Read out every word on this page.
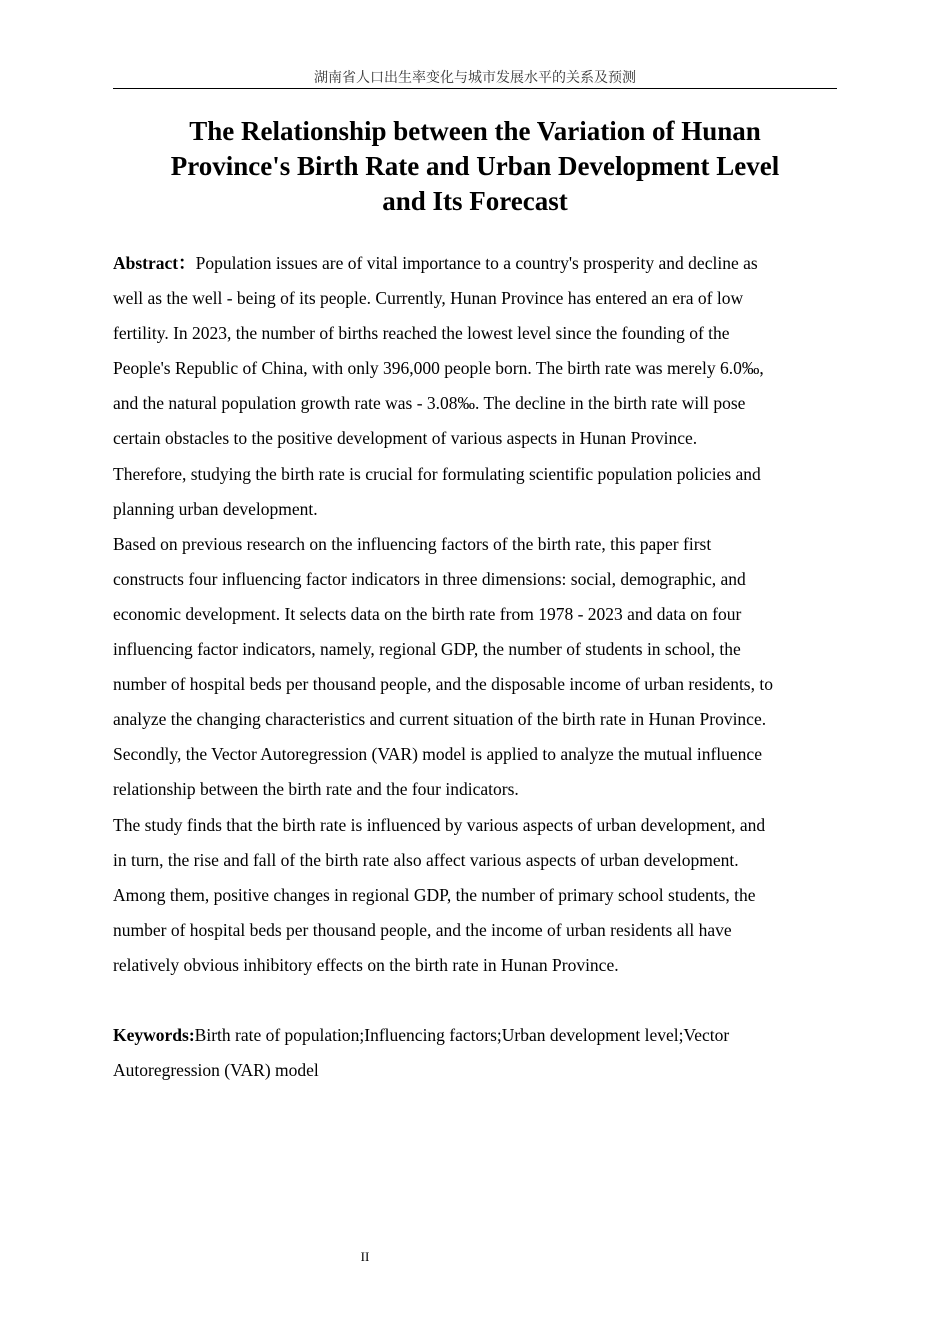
湖南省人口出生率变化与城市发展水平的关系及预测
The Relationship between the Variation of Hunan
Province's Birth Rate and Urban Development Level
and Its Forecast

Abstract：Population issues are of vital importance to a country's prosperity and decline as
well as the well - being of its people. Currently, Hunan Province has entered an era of low
fertility. In 2023, the number of births reached the lowest level since the founding of the
People's Republic of China, with only 396,000 people born. The birth rate was merely 6.0‰,
and the natural population growth rate was - 3.08‰. The decline in the birth rate will pose
certain obstacles to the positive development of various aspects in Hunan Province.
Therefore, studying the birth rate is crucial for formulating scientific population policies and
planning urban development.

Based on previous research on the influencing factors of the birth rate, this paper first
constructs four influencing factor indicators in three dimensions: social, demographic, and
economic development. It selects data on the birth rate from 1978 - 2023 and data on four
influencing factor indicators, namely, regional GDP, the number of students in school, the
number of hospital beds per thousand people, and the disposable income of urban residents, to
analyze the changing characteristics and current situation of the birth rate in Hunan Province.
Secondly, the Vector Autoregression (VAR) model is applied to analyze the mutual influence
relationship between the birth rate and the four indicators.

The study finds that the birth rate is influenced by various aspects of urban development, and
in turn, the rise and fall of the birth rate also affect various aspects of urban development.
Among them, positive changes in regional GDP, the number of primary school students, the
number of hospital beds per thousand people, and the income of urban residents all have
relatively obvious inhibitory effects on the birth rate in Hunan Province.

Keywords:Birth rate of population;Influencing factors;Urban development level;Vector
Autoregression (VAR) model
II
